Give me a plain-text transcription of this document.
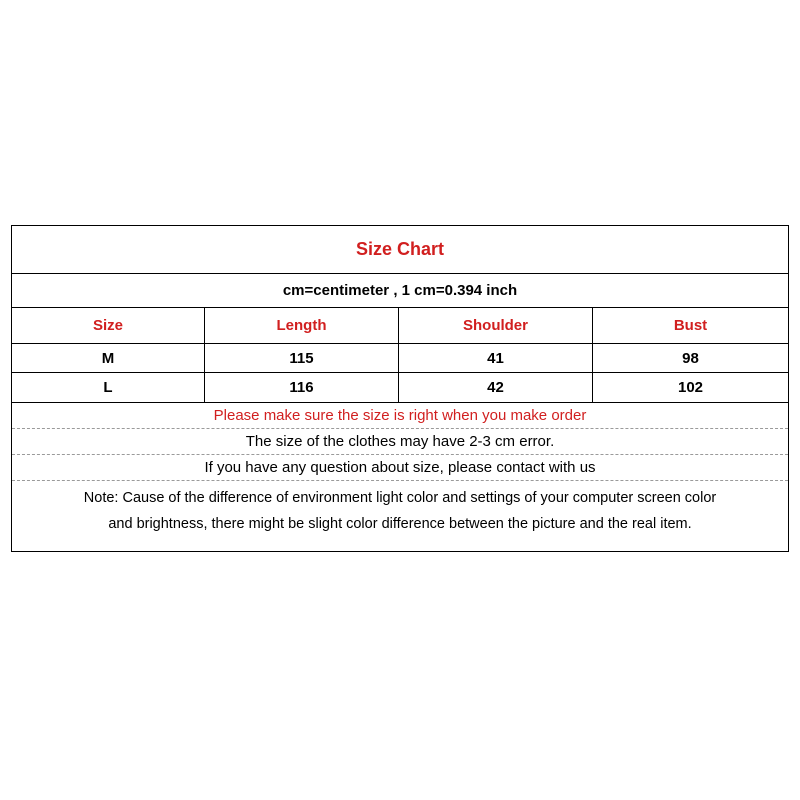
Size Chart
cm=centimeter , 1 cm=0.394 inch
Size	Length	Shoulder	Bust
M	115	41	98
L	116	42	102
Please make sure the size is right when you make order
The size of the clothes may have 2-3 cm error.
If you have any question about size, please contact with us
Note: Cause of the difference of environment light color and settings of your computer screen color
and brightness, there might be slight color difference between the picture and the real item.
